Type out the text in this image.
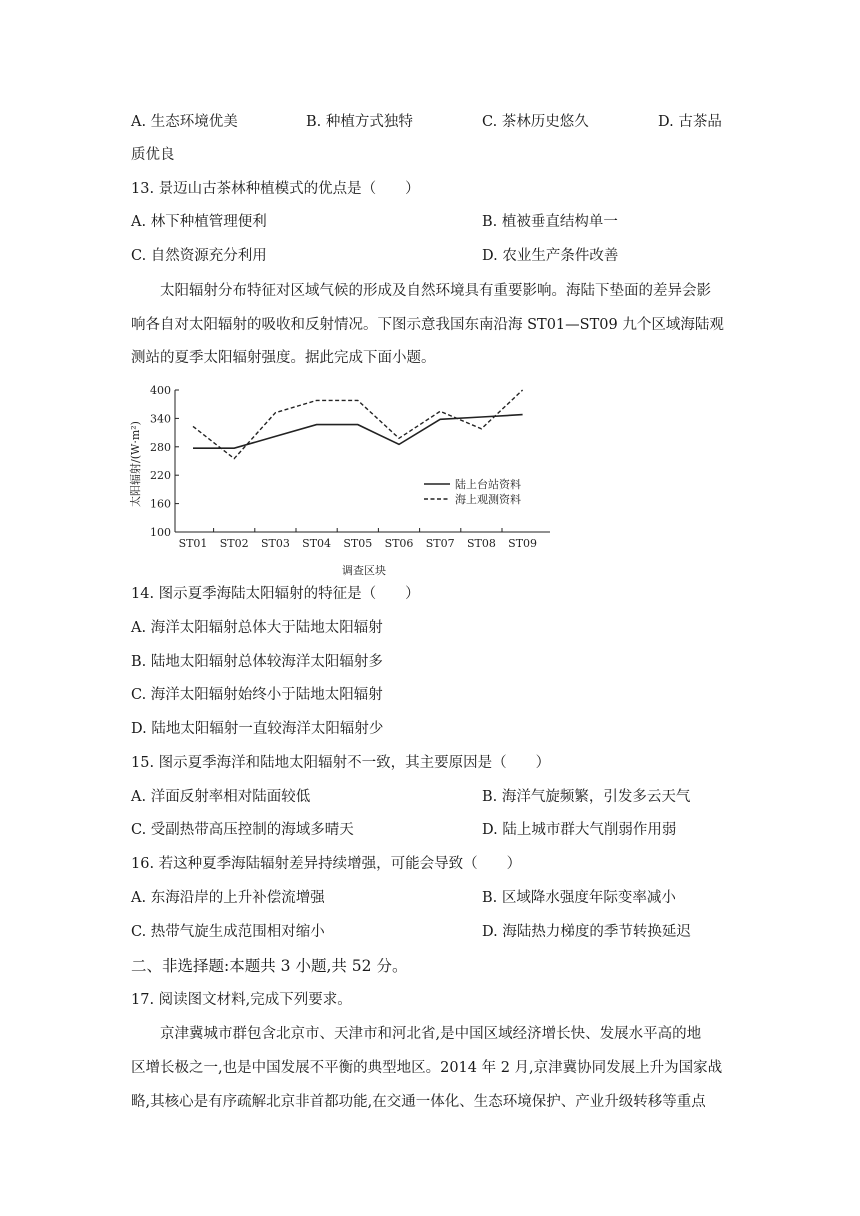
A. 生态环境优美	B. 种植方式独特	C. 茶林历史悠久	D. 古茶品
质优良
13. 景迈山古茶林种植模式的优点是（　　）
A. 林下种植管理便利	B. 植被垂直结构单一
C. 自然资源充分利用	D. 农业生产条件改善
太阳辐射分布特征对区域气候的形成及自然环境具有重要影响。海陆下垫面的差异会影
响各自对太阳辐射的吸收和反射情况。下图示意我国东南沿海 ST01—ST09 九个区域海陆观
测站的夏季太阳辐射强度。据此完成下面小题。
太阳辐射/(W·m²)
调查区块
100
160
220
280
340
400
ST01 ST02 ST03 ST04 ST05 ST06 ST07 ST08 ST09
陆上台站资料
海上观测资料
14. 图示夏季海陆太阳辐射的特征是（　　）
A. 海洋太阳辐射总体大于陆地太阳辐射
B. 陆地太阳辐射总体较海洋太阳辐射多
C. 海洋太阳辐射始终小于陆地太阳辐射
D. 陆地太阳辐射一直较海洋太阳辐射少
15. 图示夏季海洋和陆地太阳辐射不一致，其主要原因是（　　）
A. 洋面反射率相对陆面较低	B. 海洋气旋频繁，引发多云天气
C. 受副热带高压控制的海域多晴天	D. 陆上城市群大气削弱作用弱
16. 若这种夏季海陆辐射差异持续增强，可能会导致（　　）
A. 东海沿岸的上升补偿流增强	B. 区域降水强度年际变率减小
C. 热带气旋生成范围相对缩小	D. 海陆热力梯度的季节转换延迟
二、非选择题:本题共 3 小题,共 52 分。
17. 阅读图文材料,完成下列要求。
京津冀城市群包含北京市、天津市和河北省,是中国区域经济增长快、发展水平高的地
区增长极之一,也是中国发展不平衡的典型地区。2014 年 2 月,京津冀协同发展上升为国家战
略,其核心是有序疏解北京非首都功能,在交通一体化、生态环境保护、产业升级转移等重点
